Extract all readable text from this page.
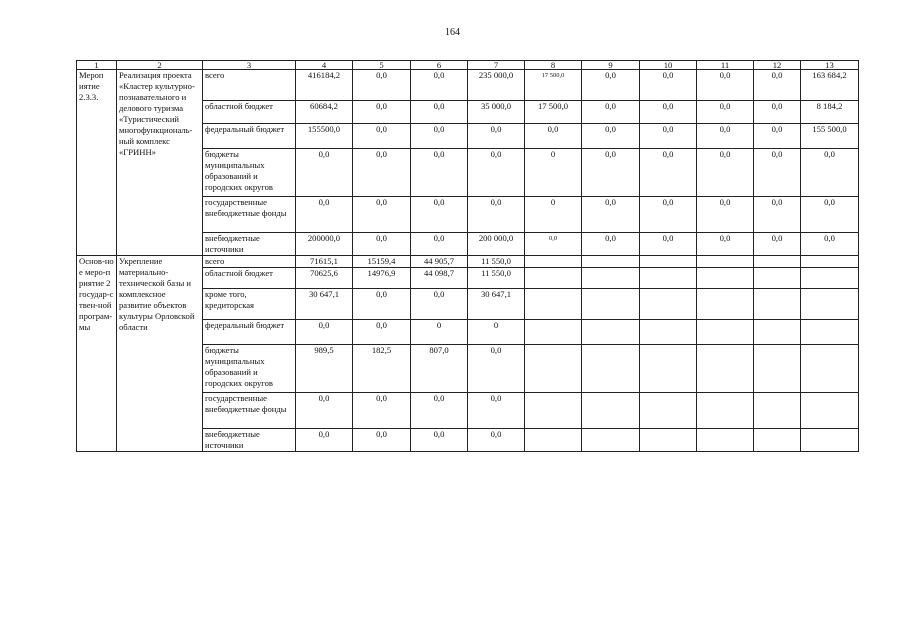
164
1	2	3	4	5	6	7	8	9	10	11	12	13
Мероп
иятие
2.3.3.	Реализация проекта «Кластер культурно-познавательного и делового туризма «Туристический многофункциональ-ный комплекс «ГРИНН»	всего	416184,2	0,0	0,0	235 000,0	17 500,0	0,0	0,0	0,0	0,0	163 684,2
		областной бюджет	60684,2	0,0	0,0	35 000,0	17 500,0	0,0	0,0	0,0	0,0	8 184,2
		федеральный бюджет	155500,0	0,0	0,0	0,0	0,0	0,0	0,0	0,0	0,0	155 500,0
		бюджеты муниципальных образований и городских округов	0,0	0,0	0,0	0,0	0	0,0	0,0	0,0	0,0	0,0
		государственные внебюджетные фонды	0,0	0,0	0,0	0,0	0	0,0	0,0	0,0	0,0	0,0
		внебюджетные источники	200000,0	0,0	0,0	200 000,0	0,0	0,0	0,0	0,0	0,0	0,0
Основ-ное меро-приятие 2 государ-ствен-ной програм-мы	Укрепление материально-технической базы и комплексное развитие объектов культуры Орловской области	всего	71615,1	15159,4	44 905,7	11 550,0						
		областной бюджет	70625,6	14976,9	44 098,7	11 550,0						
		кроме того, кредиторская	30 647,1	0,0	0,0	30 647,1						
		федеральный бюджет	0,0	0,0	0	0						
		бюджеты муниципальных образований и городских округов	989,5	182,5	807,0	0,0						
		государственные внебюджетные фонды	0,0	0,0	0,0	0,0						
		внебюджетные источники	0,0	0,0	0,0	0,0						
